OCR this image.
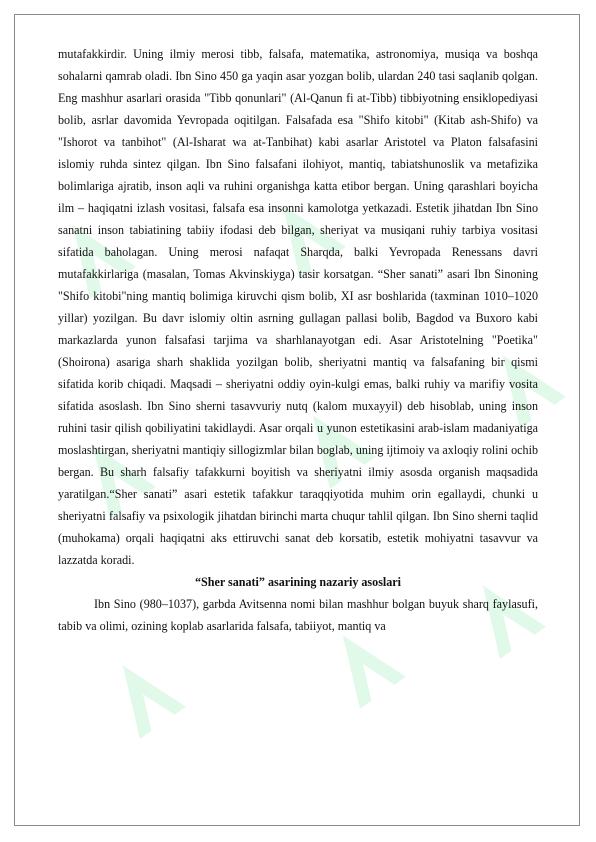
mutafakkirdir. Uning ilmiy merosi tibb, falsafa, matematika, astronomiya, musiqa va boshqa sohalarni qamrab oladi. Ibn Sino 450 ga yaqin asar yozgan bolib, ulardan 240 tasi saqlanib qolgan. Eng mashhur asarlari orasida "Tibb qonunlari" (Al-Qanun fi at-Tibb) tibbiyotning ensiklopediyasi bolib, asrlar davomida Yevropada oqitilgan. Falsafada esa "Shifo kitobi" (Kitab ash-Shifo) va "Ishorot va tanbihot" (Al-Isharat wa at-Tanbihat) kabi asarlar Aristotel va Platon falsafasini islomiy ruhda sintez qilgan. Ibn Sino falsafani ilohiyot, mantiq, tabiatshunoslik va metafizika bolimlariga ajratib, inson aqli va ruhini organishga katta etibor bergan. Uning qarashlari boyicha ilm – haqiqatni izlash vositasi, falsafa esa insonni kamolotga yetkazadi. Estetik jihatdan Ibn Sino sanatni inson tabiatining tabiiy ifodasi deb bilgan, sheriyat va musiqani ruhiy tarbiya vositasi sifatida baholagan. Uning merosi nafaqat Sharqda, balki Yevropada Renessans davri mutafakkirlariga (masalan, Tomas Akvinskiyga) tasir korsatgan. “Sher sanati” asari Ibn Sinoning "Shifo kitobi"ning mantiq bolimiga kiruvchi qism bolib, XI asr boshlarida (taxminan 1010–1020 yillar) yozilgan. Bu davr islomiy oltin asrning gullagan pallasi bolib, Bagdod va Buxoro kabi markazlarda yunon falsafasi tarjima va sharhlanayotgan edi. Asar Aristotelning "Poetika" (Shoirona) asariga sharh shaklida yozilgan bolib, sheriyatni mantiq va falsafaning bir qismi sifatida korib chiqadi. Maqsadi – sheriyatni oddiy oyin-kulgi emas, balki ruhiy va marifiy vosita sifatida asoslash. Ibn Sino sherni tasavvuriy nutq (kalom muxayyil) deb hisoblab, uning inson ruhini tasir qilish qobiliyatini takidlaydi. Asar orqali u yunon estetikasini arab-islam madaniyatiga moslashtirgan, sheriyatni mantiqiy sillogizmlar bilan boglab, uning ijtimoiy va axloqiy rolini ochib bergan. Bu sharh falsafiy tafakkurni boyitish va sheriyatni ilmiy asosda organish maqsadida yaratilgan.“Sher sanati” asari estetik tafakkur taraqqiyotida muhim orin egallaydi, chunki u sheriyatni falsafiy va psixologik jihatdan birinchi marta chuqur tahlil qilgan. Ibn Sino sherni taqlid (muhokama) orqali haqiqatni aks ettiruvchi sanat deb korsatib, estetik mohiyatni tasavvur va lazzatda koradi.

“Sher sanati” asarining nazariy asoslari

Ibn Sino (980–1037), garbda Avitsenna nomi bilan mashhur bolgan buyuk sharq faylasufi, tabib va olimi, ozining koplab asarlarida falsafa, tabiiyot, mantiq va
